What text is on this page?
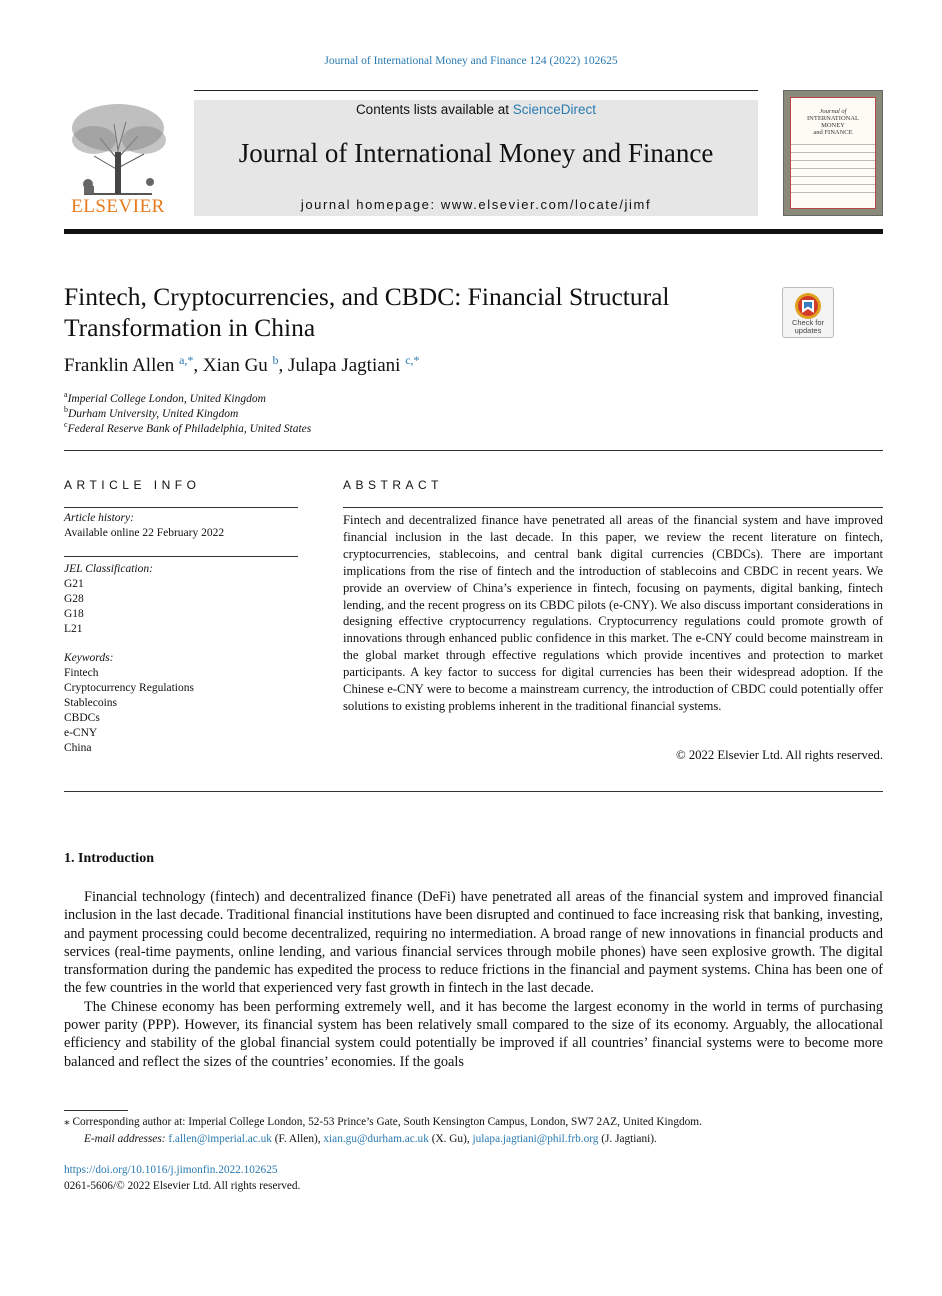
Journal of International Money and Finance 124 (2022) 102625
ELSEVIER
Contents lists available at ScienceDirect
Journal of International Money and Finance
journal homepage: www.elsevier.com/locate/jimf
Journal of
INTERNATIONAL
MONEY
and FINANCE
Fintech, Cryptocurrencies, and CBDC: Financial Structural Transformation in China	Check for
updates
Franklin Allen $^{a,*}$, Xian Gu $^b$, Julapa Jagtiani $^{c,*}$
$^a$Imperial College London, United Kingdom
$^b$Durham University, United Kingdom
$^c$Federal Reserve Bank of Philadelphia, United States
ARTICLE INFO
Article history:
Available online 22 February 2022
JEL Classification:
G21
G28
G18
L21
Keywords:
Fintech
Cryptocurrency Regulations
Stablecoins
CBDCs
e-CNY
China
ABSTRACT
Fintech and decentralized finance have penetrated all areas of the financial system and have improved financial inclusion in the last decade. In this paper, we review the recent literature on fintech, cryptocurrencies, stablecoins, and central bank digital currencies (CBDCs). There are important implications from the rise of fintech and the introduction of stablecoins and CBDC in recent years. We provide an overview of China’s experience in fintech, focusing on payments, digital banking, fintech lending, and the recent progress on its CBDC pilots (e-CNY). We also discuss important considerations in designing effective cryptocurrency regulations. Cryptocurrency regulations could promote growth of innovations through enhanced public confidence in this market. The e-CNY could become mainstream in the global market through effective regulations which provide incentives and protection to market participants. A key factor to success for digital currencies has been their widespread adoption. If the Chinese e-CNY were to become a mainstream currency, the introduction of CBDC could potentially offer solutions to existing problems inherent in the traditional financial systems.
© 2022 Elsevier Ltd. All rights reserved.
1. Introduction

Financial technology (fintech) and decentralized finance (DeFi) have penetrated all areas of the financial system and improved financial inclusion in the last decade. Traditional financial institutions have been disrupted and continued to face increasing risk that banking, investing, and payment processing could become decentralized, requiring no intermediation. A broad range of new innovations in financial products and services (real-time payments, online lending, and various financial services through mobile phones) have seen explosive growth. The digital transformation during the pandemic has expedited the process to reduce frictions in the financial and payment systems. China has been one of the few countries in the world that experienced very fast growth in fintech in the last decade.

The Chinese economy has been performing extremely well, and it has become the largest economy in the world in terms of purchasing power parity (PPP). However, its financial system has been relatively small compared to the size of its economy. Arguably, the allocational efficiency and stability of the global financial system could potentially be improved if all countries’ financial systems were to become more balanced and reflect the sizes of the countries’ economies. If the goals

⁎ Corresponding author at: Imperial College London, 52-53 Prince’s Gate, South Kensington Campus, London, SW7 2AZ, United Kingdom.
E-mail addresses: f.allen@imperial.ac.uk (F. Allen), xian.gu@durham.ac.uk (X. Gu), julapa.jagtiani@phil.frb.org (J. Jagtiani).
https://doi.org/10.1016/j.jimonfin.2022.102625
0261-5606/© 2022 Elsevier Ltd. All rights reserved.
